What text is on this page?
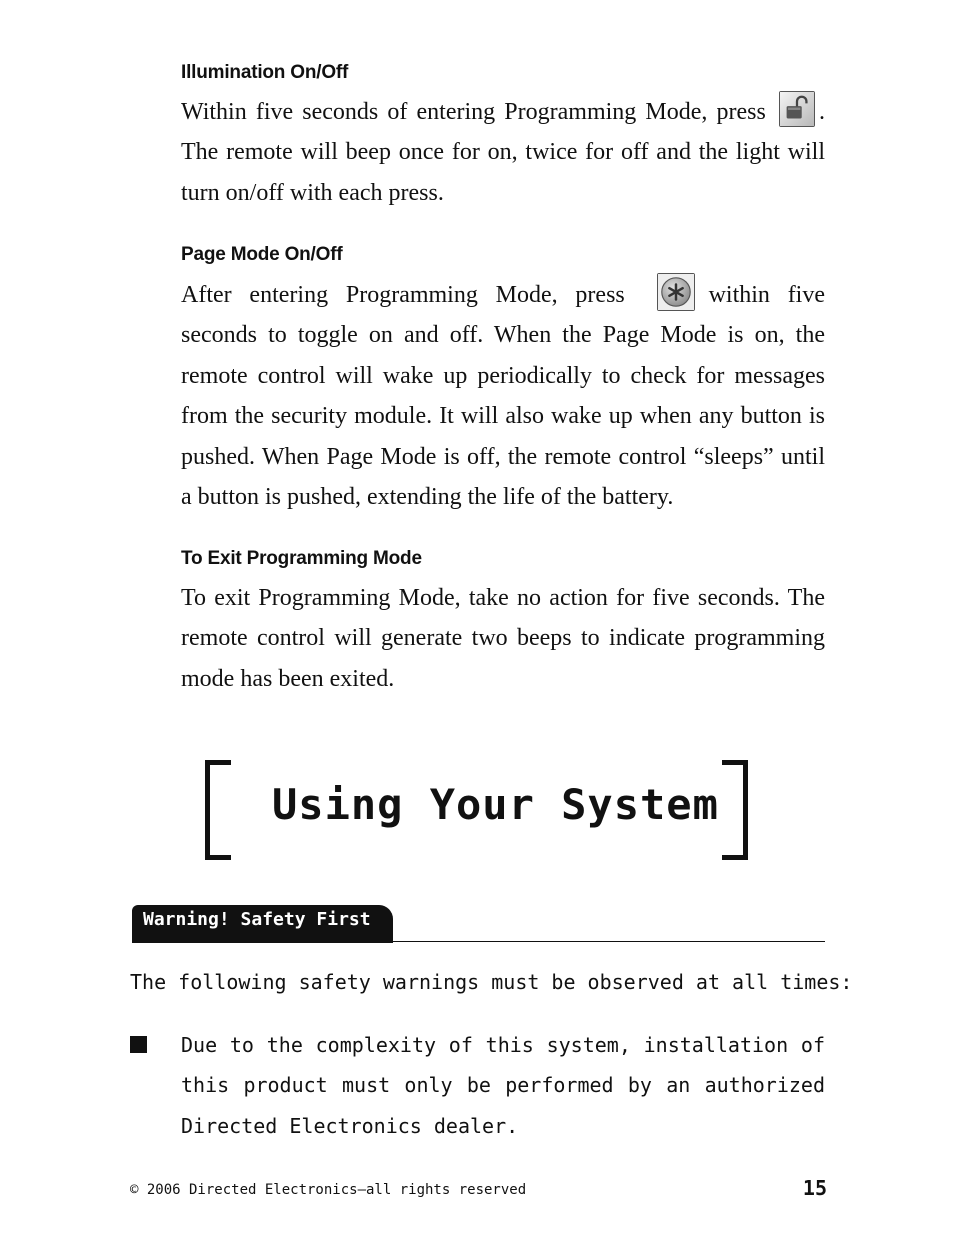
Illumination On/Off
Within five seconds of entering Programming Mode, press . The remote will beep once for on, twice for off and the light will turn on/off with each press.
Page Mode On/Off
After entering Programming Mode, press	within five seconds to toggle on and off. When the Page Mode is on, the remote control will wake up periodically to check for messages from the security module. It will also wake up when any button is pushed. When Page Mode is off, the remote control “sleeps” until a button is pushed, extending the life of the battery.
To Exit Programming Mode
To exit Programming Mode, take no action for five seconds. The remote control will generate two beeps to indicate programming mode has been exited.
Using Your System
Warning! Safety First
The following safety warnings must be observed at all times:
Due to the complexity of this system, installation of this product must only be performed by an authorized Directed Electronics dealer.
© 2006 Directed Electronics—all rights reserved	15
